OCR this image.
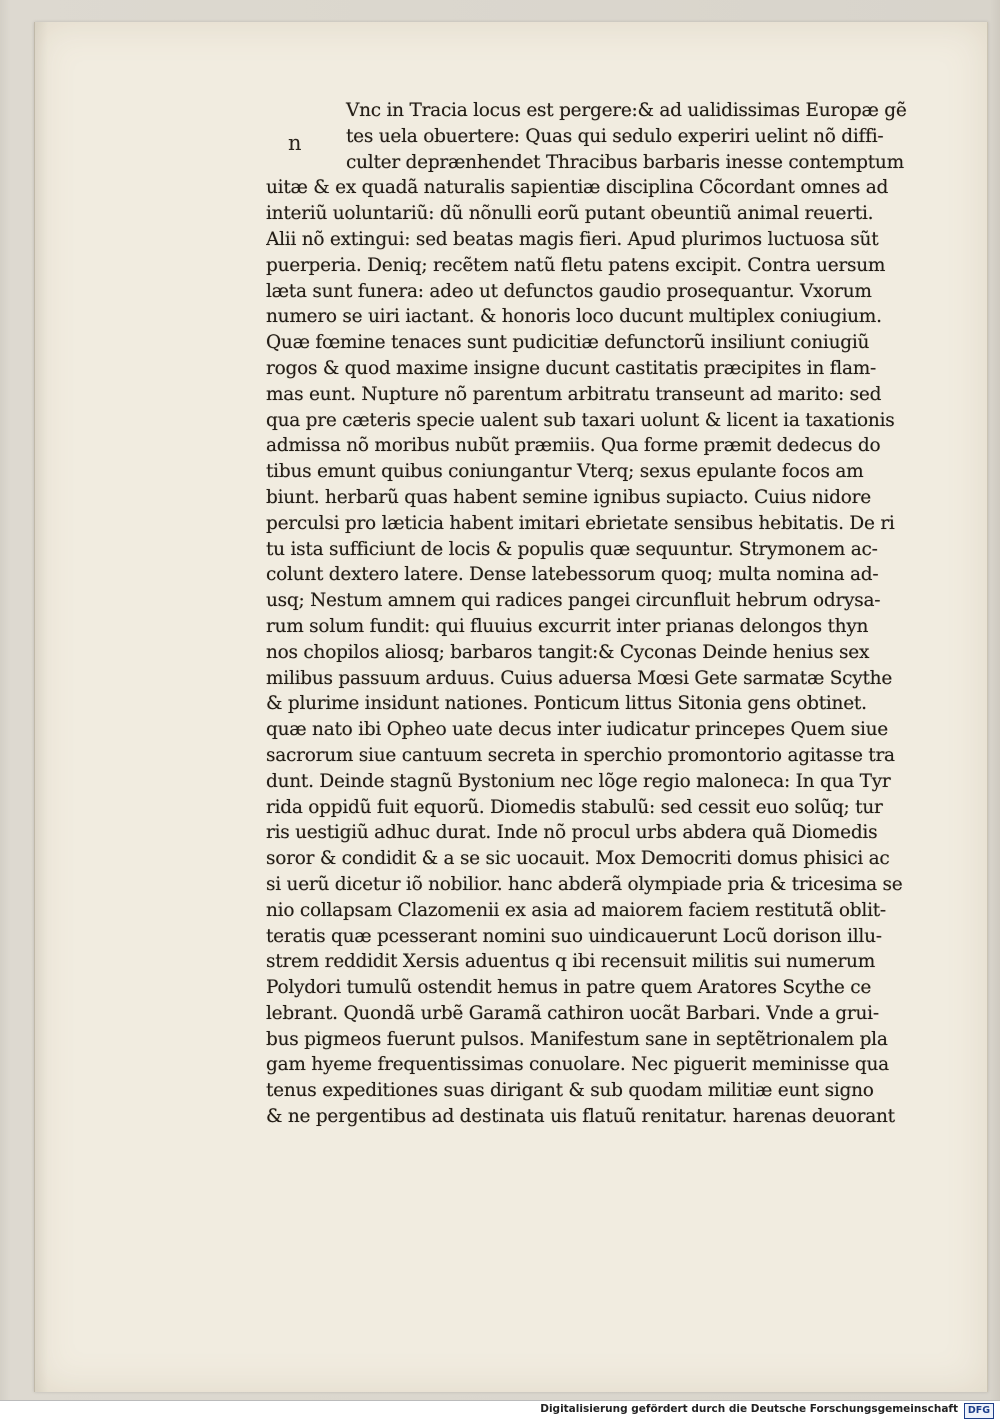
n
Vnc in Tracia locus est pergere:& ad ualidissimas Europæ gẽ
tes uela obuertere: Quas qui sedulo experiri uelint nõ diffi-
culter deprænhendet Thracibus barbaris inesse contemptum
uitæ & ex quadã naturalis sapientiæ disciplina Cõcordant omnes ad
interiũ uoluntariũ: dũ nõnulli eorũ putant obeuntiũ animal reuerti.
Alii nõ extingui: sed beatas magis fieri. Apud plurimos luctuosa sũt
puerperia. Deniq; recẽtem natũ fletu patens excipit. Contra uersum
læta sunt funera: adeo ut defunctos gaudio prosequantur. Vxorum
numero se uiri iactant. & honoris loco ducunt multiplex coniugium.
Quæ fœmine tenaces sunt pudicitiæ defunctorũ insiliunt coniugiũ
rogos & quod maxime insigne ducunt castitatis præcipites in flam-
mas eunt. Nupture nõ parentum arbitratu transeunt ad marito: sed
qua pre cæteris specie ualent sub taxari uolunt & licent ia taxationis
admissa nõ moribus nubũt præmiis. Qua forme præmit dedecus do
tibus emunt quibus coniungantur Vterq; sexus epulante focos am
biunt. herbarũ quas habent semine ignibus supiacto. Cuius nidore
perculsi pro læticia habent imitari ebrietate sensibus hebitatis. De ri
tu ista sufficiunt de locis & populis quæ sequuntur. Strymonem ac-
colunt dextero latere. Dense latebessorum quoq; multa nomina ad-
usq; Nestum amnem qui radices pangei circunfluit hebrum odrysa-
rum solum fundit: qui fluuius excurrit inter prianas delongos thyn
nos chopilos aliosq; barbaros tangit:& Cyconas Deinde henius sex
milibus passuum arduus. Cuius aduersa Mœsi Gete sarmatæ Scythe
& plurime insidunt nationes. Ponticum littus Sitonia gens obtinet.
quæ nato ibi Opheo uate decus inter iudicatur princepes Quem siue
sacrorum siue cantuum secreta in sperchio promontorio agitasse tra
dunt. Deinde stagnũ Bystonium nec lõge regio maloneca: In qua Tyr
rida oppidũ fuit equorũ. Diomedis stabulũ: sed cessit euo solũq; tur
ris uestigiũ adhuc durat. Inde nõ procul urbs abdera quã Diomedis
soror & condidit & a se sic uocauit. Mox Democriti domus phisici ac
si uerũ dicetur iõ nobilior. hanc abderã olympiade pria & tricesima se
nio collapsam Clazomenii ex asia ad maiorem faciem restitutã oblit-
teratis quæ pcesserant nomini suo uindicauerunt Locũ dorison illu-
strem reddidit Xersis aduentus q ibi recensuit militis sui numerum
Polydori tumulũ ostendit hemus in patre quem Aratores Scythe ce
lebrant. Quondã urbẽ Garamã cathiron uocãt Barbari. Vnde a grui-
bus pigmeos fuerunt pulsos. Manifestum sane in septẽtrionalem pla
gam hyeme frequentissimas conuolare. Nec piguerit meminisse qua
tenus expeditiones suas dirigant & sub quodam militiæ eunt signo
& ne pergentibus ad destinata uis flatuũ renitatur. harenas deuorant
Digitalisierung gefördert durch die Deutsche Forschungsgemeinschaft	DFG
